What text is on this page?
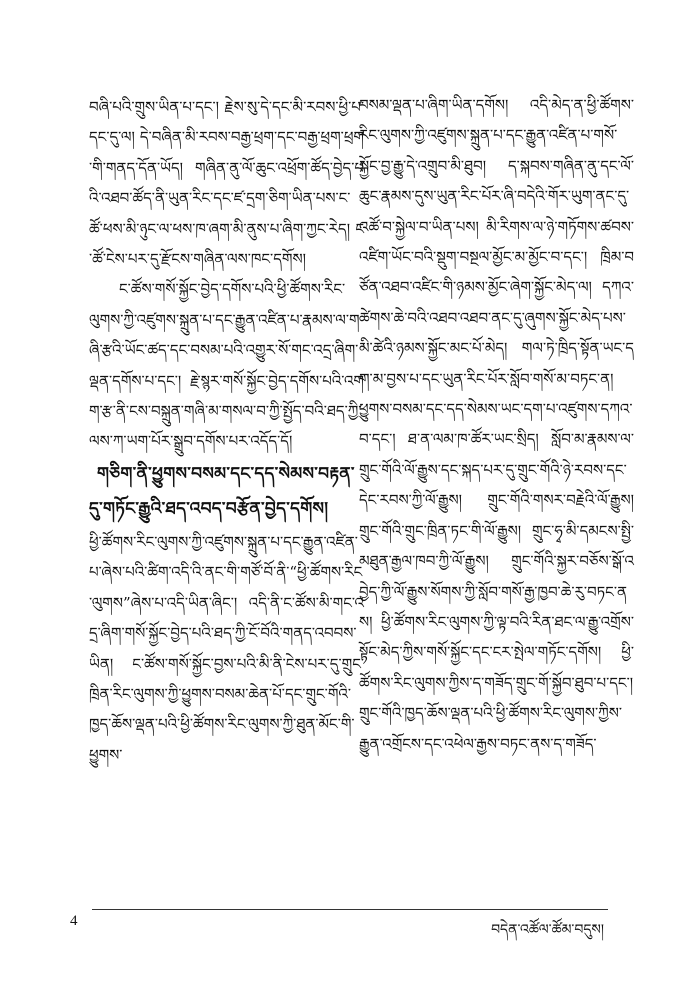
བཞི་པའི་གྲུས་ཡིན་པ་དང་། རྗེས་སུ་དེ་དང་མི་རབས་ཕྱི་པ་དང་དུ་ལ། དེ་བཞིན་མི་རབས་བརྒྱ་ཕྲག་དང་བརྒྱ་ཕྲག་ཕྲག་གི་གནད་དོན་ཡོད། གཞིན་ནུ་ལོ་ཆུང་འཕྲོག་ཚོད་བྱེད་པའི་འཐབ་ཚོད་ནི་ཡུན་རིང་དང་ཛ་དྲག་ཅིག་ཡིན་པས་ང་ཚོ་ཕས་མི་ཉུང་ལ་ཕས་ཁ་ཞག་མི་ནུས་པ་ཞིག་ཀྱང་རེད། ང་ཚོ་ངེས་པར་དུ་རྫོངས་གཞིན་ལས་ཁང་དགོས།

ང་ཚོས་གསོ་སྐྱོང་བྱེད་དགོས་པའི་ཕྱི་ཚོགས་རིང་ལུགས་ཀྱི་འཛུགས་སྐྲུན་པ་དང་རྒྱུན་འཛིན་པ་རྣམས་ལ་གཞི་རྩའི་ཡོང་ཚད་དང་བསམ་པའི་འགྱུར་སོ་གང་འདྲ་ཞིག་ལྡན་དགོས་པ་དང་། རྗེ་སྙར་གསོ་སྐྱོང་བྱེད་དགོས་པའི་འགག་རྩ་ནི་ངས་བསྐྲུན་གཞི་མ་གསལ་བ་ཀྱི་སྤྱོད་བའི་ཐད་ཀྱི་ལས་ཀ་ཡག་པོར་སྒྲུབ་དགོས་པར་འདོད་དོ།

གཅིག་ནི་ཕྱུགས་བསམ་དང་དད་སེམས་བརྟན་དུ་གཏོང་རྒྱུའི་ཐད་འབད་བརྩོན་བྱེད་དགོས།

ཕྱི་ཚོགས་རིང་ལུགས་ཀྱི་འཛུགས་སྐྲུན་པ་དང་རྒྱུན་འཛིན་པ་ཞེས་པའི་ཚིག་འདི་འི་ནང་གི་གཙོ་བོ་ནི་“ཕྱི་ཚོགས་རིང་ལུགས”ཞེས་པ་འདི་ཡིན་ཞིང་། འདི་ནི་ང་ཚོས་མི་གང་འདྲ་ཞིག་གསོ་སྐྱོང་བྱེད་པའི་ཐད་ཀྱི་ངོ་བོའི་གནད་འབབས་ཡིན། ང་ཚོས་གསོ་སྐྱོང་བྱས་པའི་མི་ནི་ངེས་པར་དུ་གྲུང་ཁྲིན་རིང་ལུགས་ཀྱི་ཕྱུགས་བསམ་ཆེན་པོ་དང་གྲུང་གོའི་ཁྱད་ཆོས་ལྡན་པའི་ཕྱི་ཚོགས་རིང་ལུགས་ཀྱི་ཐུན་མོང་གི་ཕྱུགས་

བསམ་ལྡན་པ་ཞིག་ཡིན་དགོས། འདི་མེད་ན་ཕྱི་ཚོགས་རིང་ལུགས་ཀྱི་འཛུགས་སྐྲུན་པ་དང་རྒྱུན་འཛིན་པ་གསོ་སྐྱོང་བྱ་རྒྱུ་དེ་འགྲུབ་མི་ཐུབ། ད་སྐབས་གཞིན་ནུ་དང་ལོ་ཆུང་རྣམས་དུས་ཡུན་རིང་པོར་ཞི་བདེའི་གོར་ཡུག་ནང་དུ་འཚོ་བ་སྐྱེལ་བ་ཡིན་པས། མི་རིགས་ལ་ཉེ་གཏོགས་ཚབས་འཛིག་ཡོང་བའི་སྡུག་བསྔལ་མྱོང་མ་མྱོང་བ་དང་། ཁྲིམ་བཙོན་འཐབ་འཛིང་གི་ཉམས་མྱོང་ཞེག་སྐྱོང་མེད་ལ། དཀའ་ཚེགས་ཆེ་བའི་འཐབ་འཐབ་ནང་དུ་ཞུགས་སྐྱོང་མེད་པས་མི་ཚེའི་ཉམས་སྐྱོང་མང་པོ་མེད། གལ་ཏེ་ཁྲིད་སྟོན་ཡང་དག་མ་བྱས་པ་དང་ཡུན་རིང་པོར་སློབ་གསོ་མ་བཏང་ན། ཕྱུགས་བསམ་དང་དད་སེམས་ཡང་དག་པ་འཛུགས་དཀའ་བ་དང་། ཐ་ན་ལམ་ཁ་ཚོར་ཡང་སྲིད། སློབ་མ་རྣམས་ལ་གྲུང་གོའི་ལོ་རྒྱུས་དང་སྐད་པར་དུ་གྲུང་གོའི་ཉེ་རབས་དང་དེང་རབས་ཀྱི་ལོ་རྒྱུས། གྲུང་གོའི་གསར་བརྗེའི་ལོ་རྒྱུས། གྲུང་གོའི་གྲུང་ཁྲིན་ཏང་གི་ལོ་རྒྱུས། གྲུང་ཧྭ་མི་དམངས་སྤྱི་མཐུན་རྒྱལ་ཁབ་ཀྱི་ལོ་རྒྱུས། གྲུང་གོའི་སྐྱར་བཅོས་སྒོ་འབྱེད་ཀྱི་ལོ་རྒྱུས་སོགས་ཀྱི་སློབ་གསོ་རྒྱ་ཁྱབ་ཆེ་རུ་བཏང་ནས། ཕྱི་ཚོགས་རིང་ལུགས་ཀྱི་ལྟ་བའི་རིན་ཐང་ལ་རྒྱུ་འགྲོས་སྟོང་མེད་ཀྱིས་གསོ་སྐྱོང་དང་ངར་སྤེལ་གཏོང་དགོས། ཕྱི་ཚོགས་རིང་ལུགས་ཀྱིས་ད་གཟོད་གྲུང་གོ་སྐྱོབ་ཐུབ་པ་དང་། གྲུང་གོའི་ཁྱད་ཆོས་ལྡན་པའི་ཕྱི་ཚོགས་རིང་ལུགས་ཀྱིས་རྒྱུན་འགྲོངས་དང་འཕེལ་རྒྱས་བཏང་ནས་ད་གཟོད་

4
བདེན་འཚོལ་ཚོམ་བདུས།
